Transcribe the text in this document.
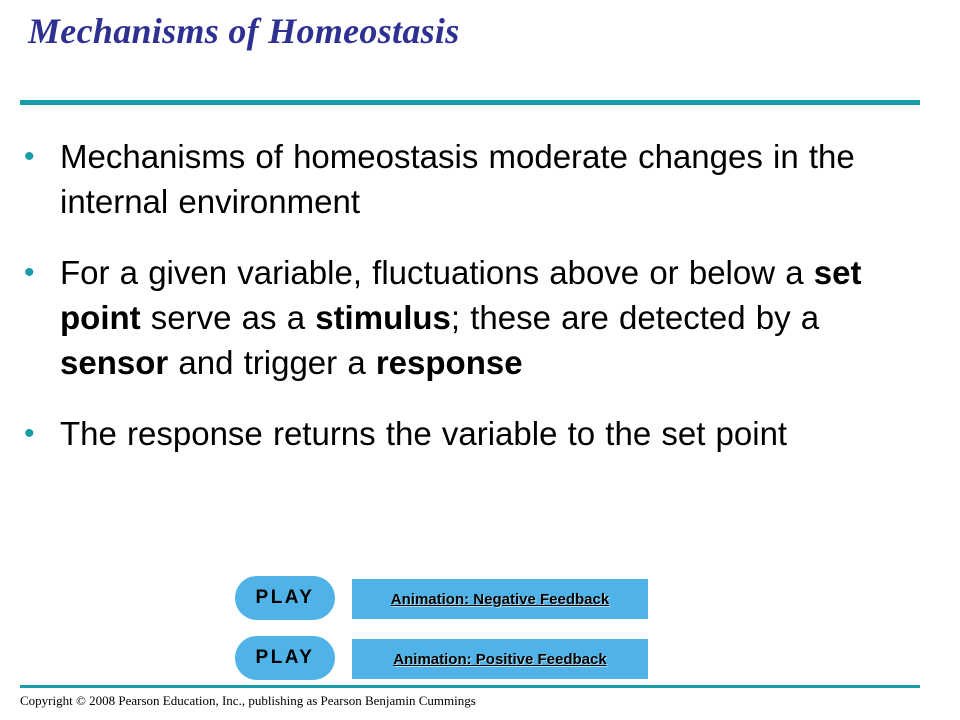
Mechanisms of Homeostasis
• Mechanisms of homeostasis moderate changes in the internal environment
• For a given variable, fluctuations above or below a set point serve as a stimulus; these are detected by a sensor and trigger a response
• The response returns the variable to the set point
PLAY	Animation: Negative Feedback
PLAY	Animation: Positive Feedback

Copyright © 2008 Pearson Education, Inc., publishing as Pearson Benjamin Cummings
